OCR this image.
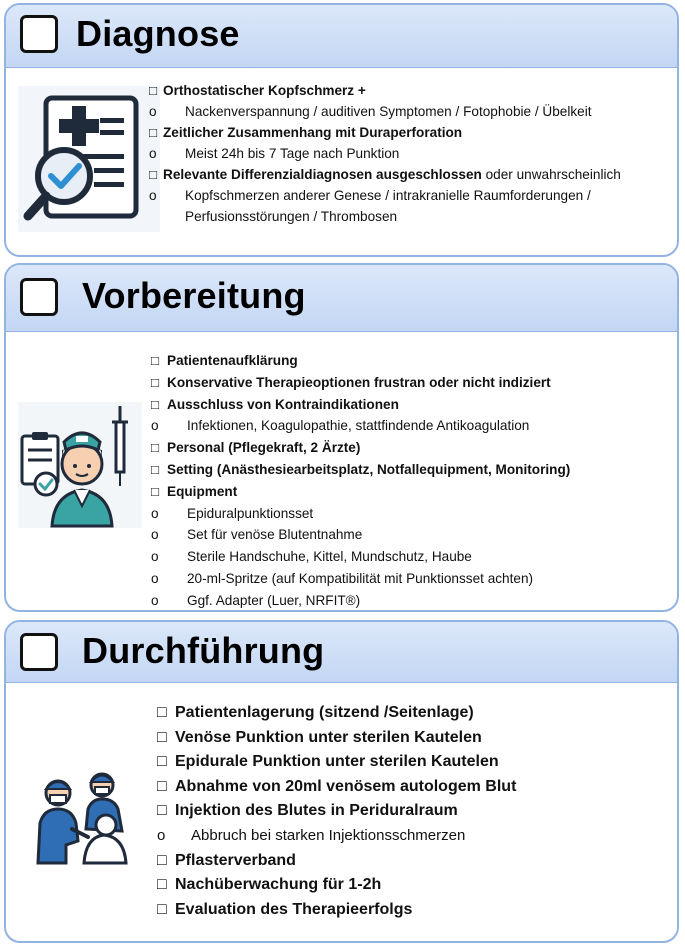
Diagnose
□ Orthostatischer Kopfschmerz +
o Nackenverspannung / auditiven Symptomen / Fotophobie / Übelkeit
□ Zeitlicher Zusammenhang mit Duraperforation
o Meist 24h bis 7 Tage nach Punktion
□ Relevante Differenzialdiagnosen ausgeschlossen oder unwahrscheinlich
o Kopfschmerzen anderer Genese / intrakranielle Raumforderungen /
Perfusionsstörungen / Thrombosen
Vorbereitung
□ Patientenaufklärung
□ Konservative Therapieoptionen frustran oder nicht indiziert
□ Ausschluss von Kontraindikationen
o Infektionen, Koagulopathie, stattfindende Antikoagulation
□ Personal (Pflegekraft, 2 Ärzte)
□ Setting (Anästhesiearbeitsplatz, Notfallequipment, Monitoring)
□ Equipment
o Epiduralpunktionsset
o Set für venöse Blutentnahme
o Sterile Handschuhe, Kittel, Mundschutz, Haube
o 20-ml-Spritze (auf Kompatibilität mit Punktionsset achten)
o Ggf. Adapter (Luer, NRFIT®)
Durchführung
□ Patientenlagerung (sitzend /Seitenlage)
□ Venöse Punktion unter sterilen Kautelen
□ Epidurale Punktion unter sterilen Kautelen
□ Abnahme von 20ml venösem autologem Blut
□ Injektion des Blutes in Periduralraum
o Abbruch bei starken Injektionsschmerzen
□ Pflasterverband
□ Nachüberwachung für 1-2h
□ Evaluation des Therapieerfolgs
